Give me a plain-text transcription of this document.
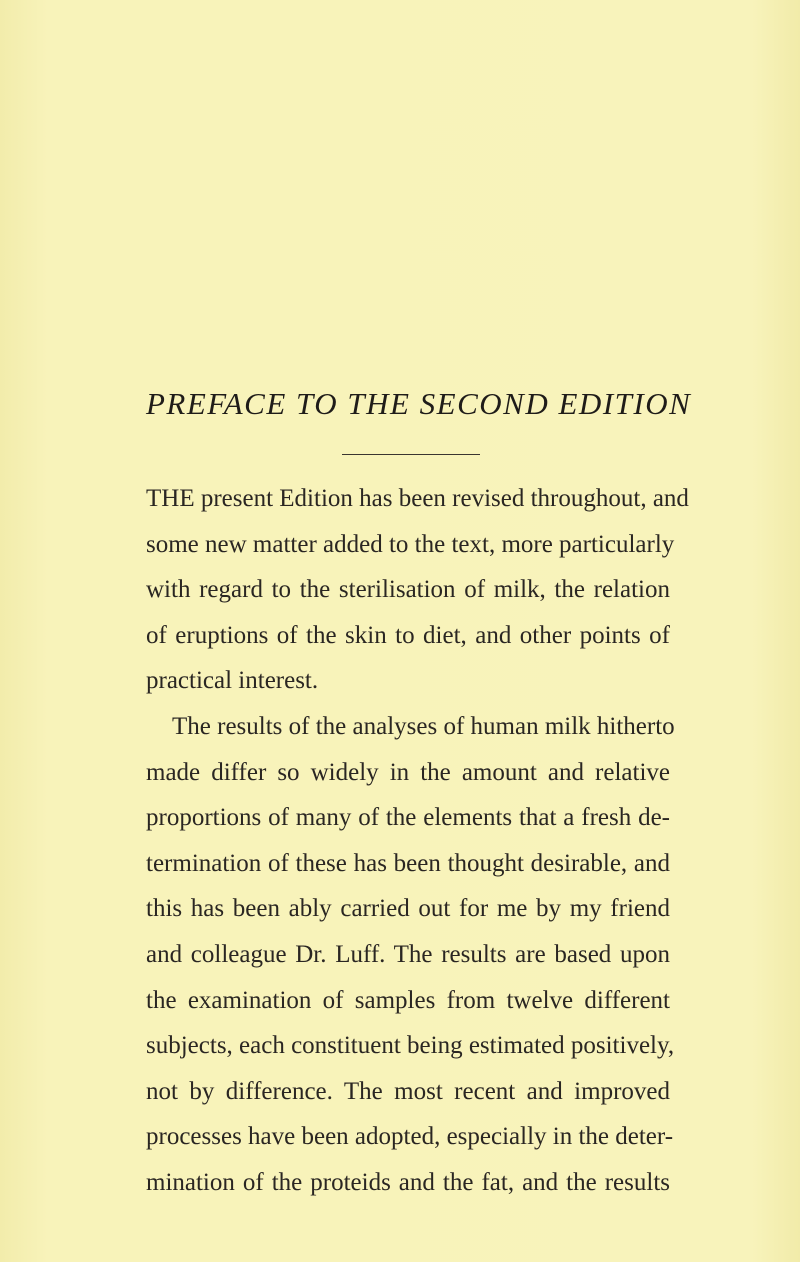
PREFACE TO THE SECOND EDITION
THE present Edition has been revised throughout, and
some new matter added to the text, more particularly
with regard to the sterilisation of milk, the relation
of eruptions of the skin to diet, and other points of
practical interest.
The results of the analyses of human milk hitherto
made differ so widely in the amount and relative
proportions of many of the elements that a fresh de-
termination of these has been thought desirable, and
this has been ably carried out for me by my friend
and colleague Dr. Luff. The results are based upon
the examination of samples from twelve different
subjects, each constituent being estimated positively,
not by difference. The most recent and improved
processes have been adopted, especially in the deter-
mination of the proteids and the fat, and the results
